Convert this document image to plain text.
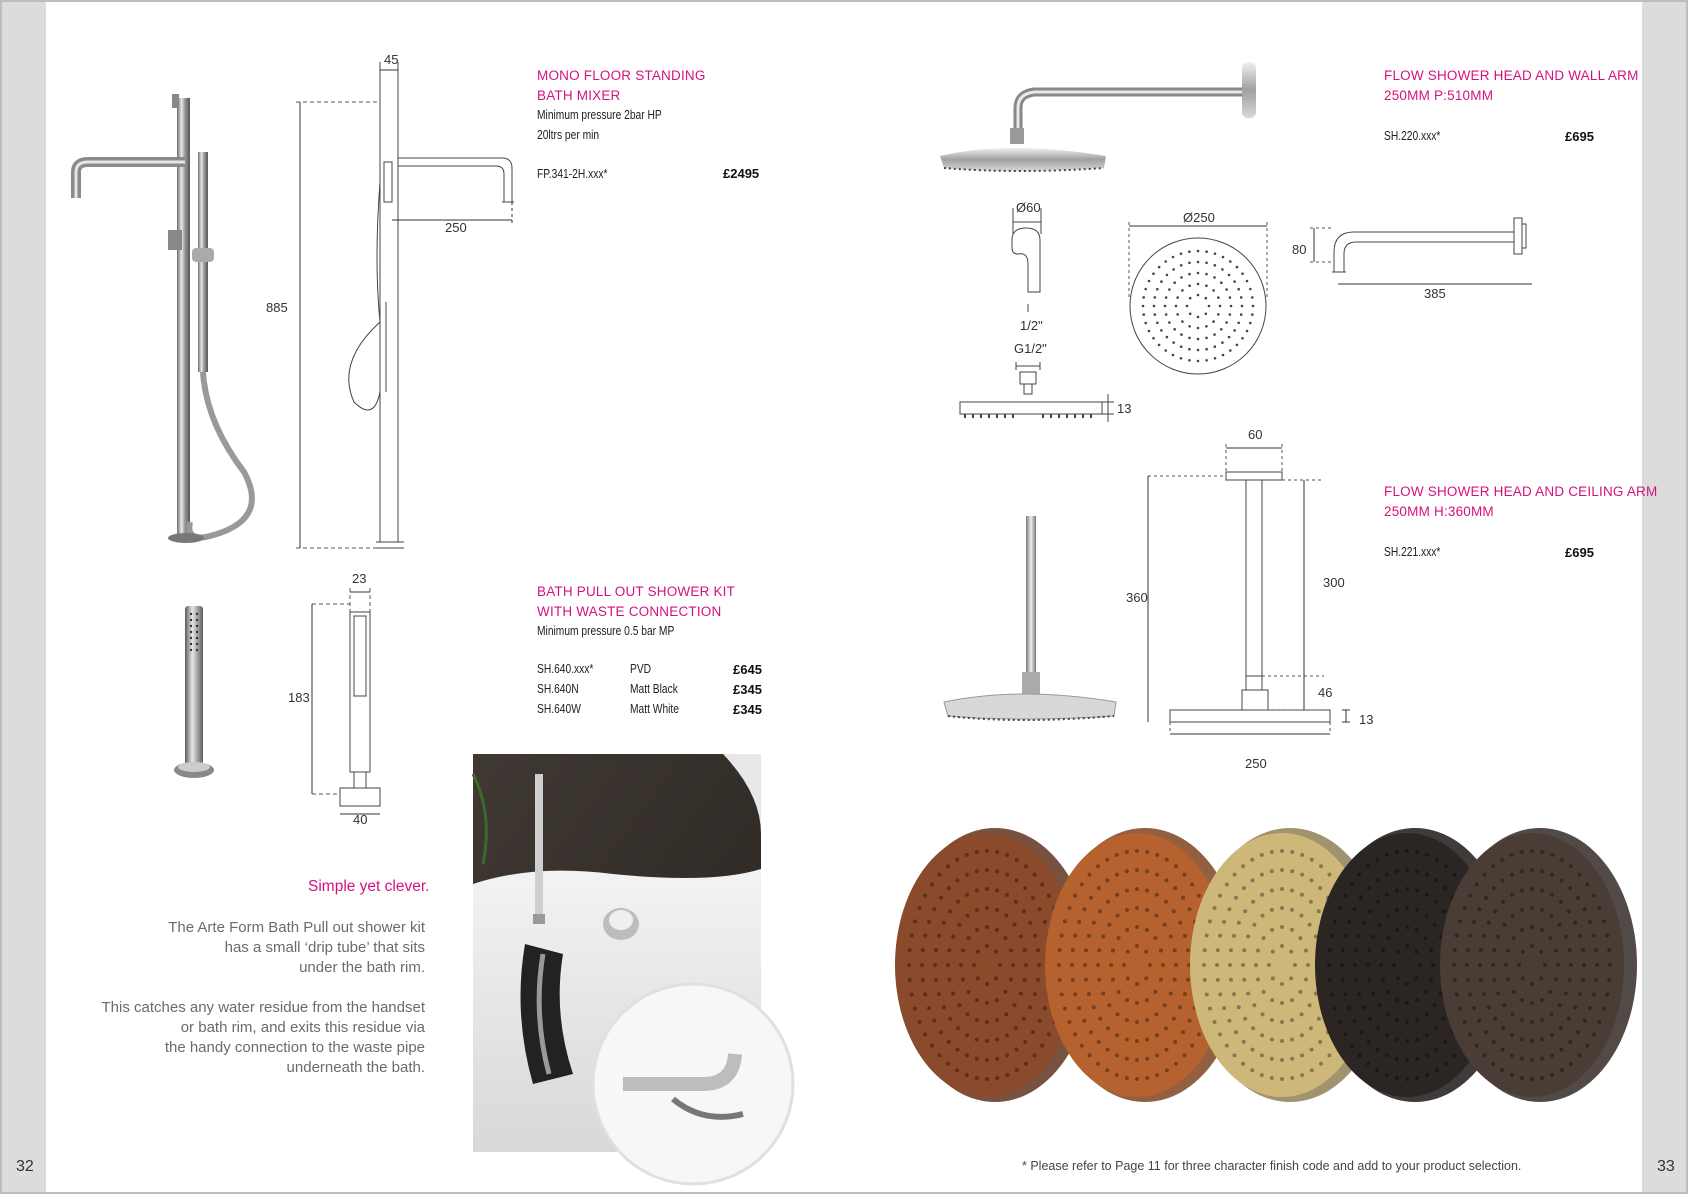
32	33
45
250
885
MONO FLOOR STANDING
BATH MIXER
Minimum pressure 2bar HP
20ltrs per min
FP.341-2H.xxx*	£2495
23
183
40
BATH PULL OUT SHOWER KIT
WITH WASTE CONNECTION
Minimum pressure 0.5 bar MP
SH.640.xxx*	PVD	£645
SH.640N	Matt Black	£345
SH.640W	Matt White	£345
Simple yet clever.
The Arte Form Bath Pull out shower kit
has a small ‘drip tube’ that sits
under the bath rim.
This catches any water residue from the handset
or bath rim, and exits this residue via
the handy connection to the waste pipe
underneath the bath.
Ø60
1/2"
G1/2"
13
Ø250
80
385
FLOW SHOWER HEAD AND WALL ARM
250MM P:510MM
SH.220.xxx*	£695
60
360
300
46
13
250
FLOW SHOWER HEAD AND CEILING ARM
250MM H:360MM
SH.221.xxx*	£695
* Please refer to Page 11 for three character finish code and add to your product selection.
